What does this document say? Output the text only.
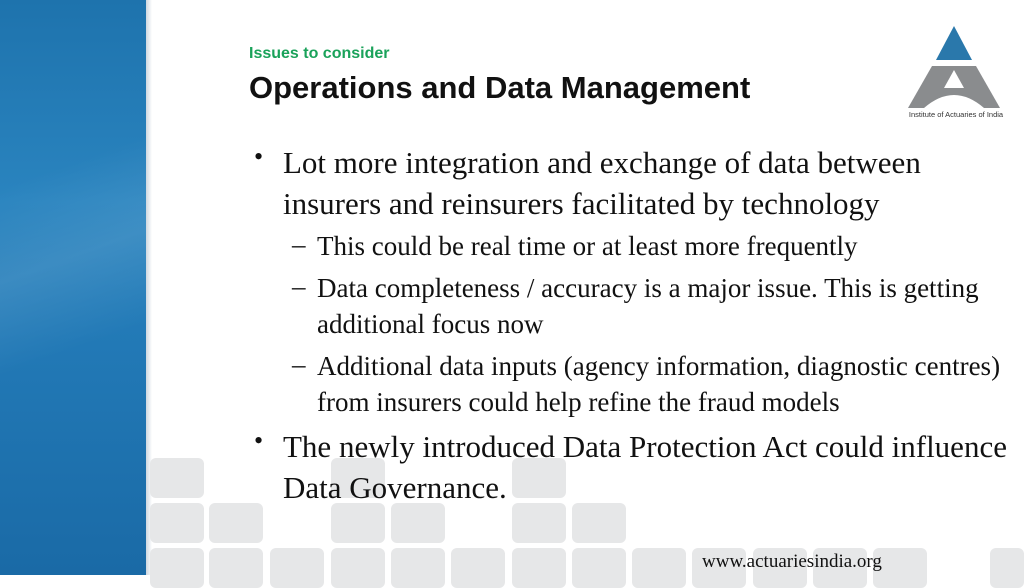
Issues to consider
Operations and Data Management
Institute of Actuaries of India
• Lot more integration and exchange of data between insurers and reinsurers facilitated by technology
– This could be real time or at least more frequently
– Data completeness / accuracy is a major issue. This is getting additional focus now
– Additional data inputs (agency information, diagnostic centres) from insurers could help refine the fraud models
• The newly introduced Data Protection Act could influence Data Governance.
www.actuariesindia.org
